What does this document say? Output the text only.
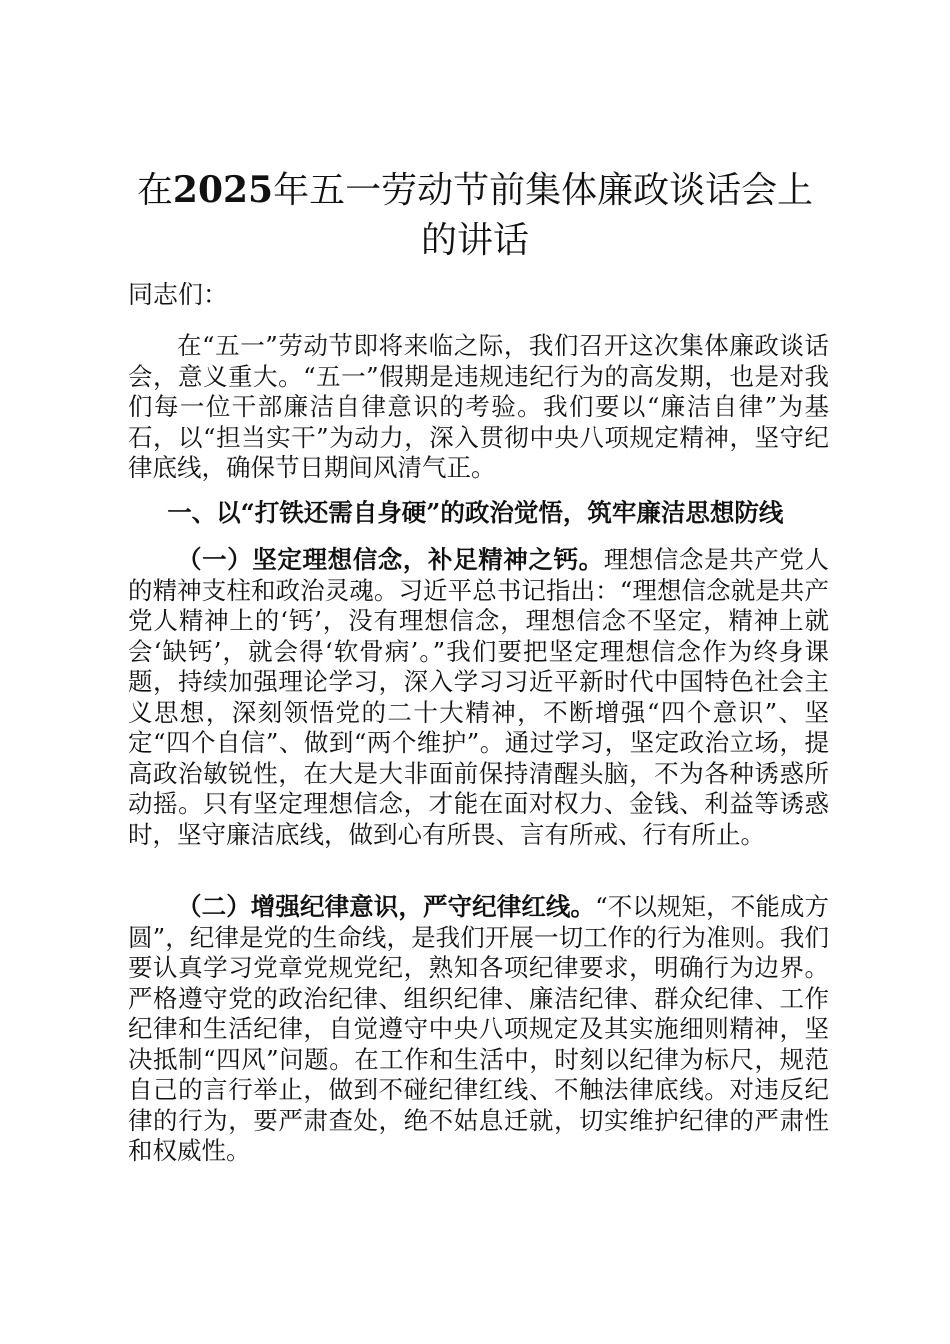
在2025年五一劳动节前集体廉政谈话会上的讲话

同志们：

在“五一”劳动节即将来临之际，我们召开这次集体廉政谈话会，意义重大。“五一”假期是违规违纪行为的高发期，也是对我们每一位干部廉洁自律意识的考验。我们要以“廉洁自律”为基石，以“担当实干”为动力，深入贯彻中央八项规定精神，坚守纪律底线，确保节日期间风清气正。

一、以“打铁还需自身硬”的政治觉悟，筑牢廉洁思想防线

（一）坚定理想信念，补足精神之钙。理想信念是共产党人的精神支柱和政治灵魂。习近平总书记指出：“理想信念就是共产党人精神上的‘钙’，没有理想信念，理想信念不坚定，精神上就会‘缺钙’，就会得‘软骨病’。”我们要把坚定理想信念作为终身课题，持续加强理论学习，深入学习习近平新时代中国特色社会主义思想，深刻领悟党的二十大精神，不断增强“四个意识”、坚定“四个自信”、做到“两个维护”。通过学习，坚定政治立场，提高政治敏锐性，在大是大非面前保持清醒头脑，不为各种诱惑所动摇。只有坚定理想信念，才能在面对权力、金钱、利益等诱惑时，坚守廉洁底线，做到心有所畏、言有所戒、行有所止。

（二）增强纪律意识，严守纪律红线。“不以规矩，不能成方圆”，纪律是党的生命线，是我们开展一切工作的行为准则。我们要认真学习党章党规党纪，熟知各项纪律要求，明确行为边界。严格遵守党的政治纪律、组织纪律、廉洁纪律、群众纪律、工作纪律和生活纪律，自觉遵守中央八项规定及其实施细则精神，坚决抵制“四风”问题。在工作和生活中，时刻以纪律为标尺，规范自己的言行举止，做到不碰纪律红线、不触法律底线。对违反纪律的行为，要严肃查处，绝不姑息迁就，切实维护纪律的严肃性和权威性。
